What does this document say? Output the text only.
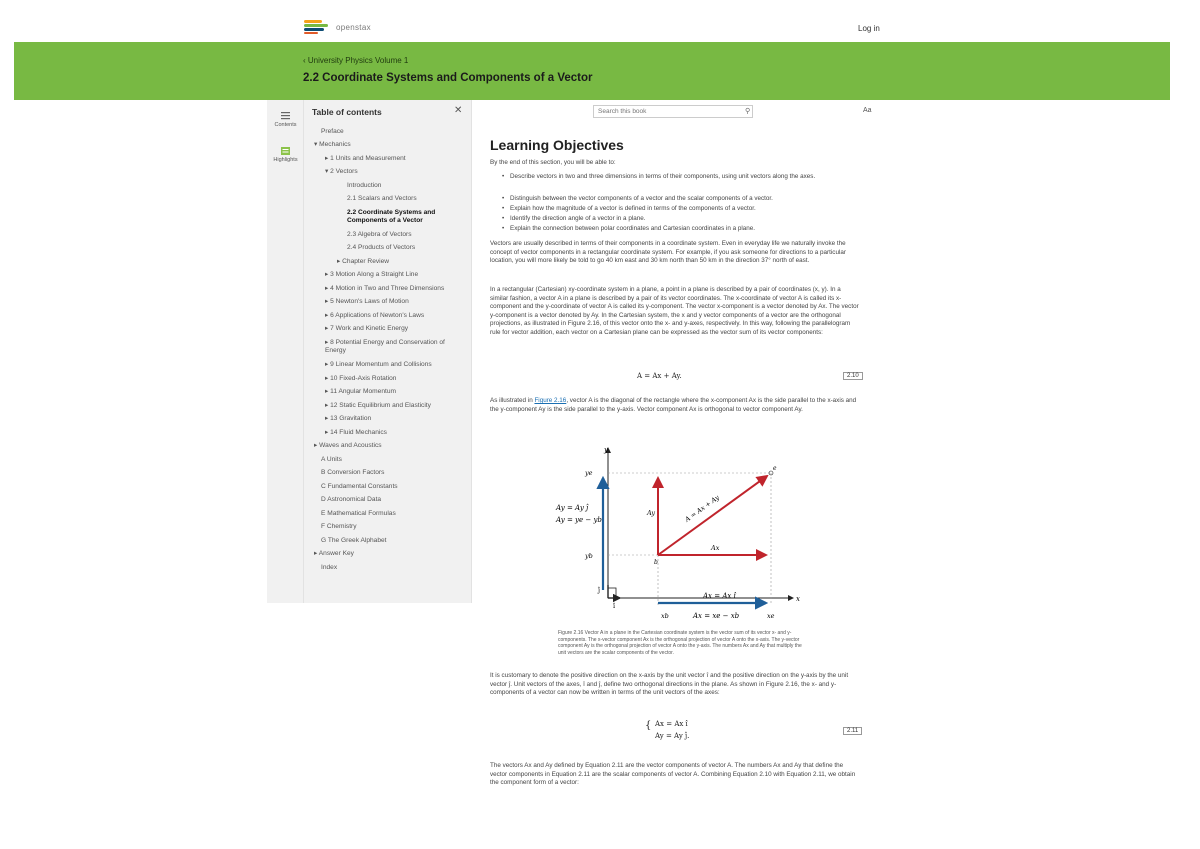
openstax	Log in
‹ University Physics Volume 1
2.2 Coordinate Systems and Components of a Vector
Contents
Highlights
Table of contents	✕
Preface
▾ Mechanics
▸ 1 Units and Measurement
▾ 2 Vectors
Introduction
2.1 Scalars and Vectors
2.2 Coordinate Systems and Components of a Vector
2.3 Algebra of Vectors
2.4 Products of Vectors
▸ Chapter Review
▸ 3 Motion Along a Straight Line
▸ 4 Motion in Two and Three Dimensions
▸ 5 Newton's Laws of Motion
▸ 6 Applications of Newton's Laws
▸ 7 Work and Kinetic Energy
▸ 8 Potential Energy and Conservation of Energy
▸ 9 Linear Momentum and Collisions
▸ 10 Fixed-Axis Rotation
▸ 11 Angular Momentum
▸ 12 Static Equilibrium and Elasticity
▸ 13 Gravitation
▸ 14 Fluid Mechanics
▸ Waves and Acoustics
A Units
B Conversion Factors
C Fundamental Constants
D Astronomical Data
E Mathematical Formulas
F Chemistry
G The Greek Alphabet
▸ Answer Key
Index
Search this book
⚲	Aa
Learning Objectives
By the end of this section, you will be able to:
• Describe vectors in two and three dimensions in terms of their components, using unit vectors along the axes.
• Distinguish between the vector components of a vector and the scalar components of a vector.
• Explain how the magnitude of a vector is defined in terms of the components of a vector.
• Identify the direction angle of a vector in a plane.
• Explain the connection between polar coordinates and Cartesian coordinates in a plane.
Vectors are usually described in terms of their components in a coordinate system. Even in everyday life we naturally invoke the concept of vector components in a rectangular coordinate system. For example, if you ask someone for directions to a particular location, you will more likely be told to go 40 km east and 30 km north than 50 km in the direction 37° north of east.
In a rectangular (Cartesian) xy-coordinate system in a plane, a point in a plane is described by a pair of coordinates (x, y). In a similar fashion, a vector A in a plane is described by a pair of its vector coordinates. The x-coordinate of vector A is called its x-component and the y-coordinate of vector A is called its y-component. The vector x-component is a vector denoted by Ax. The vector y-component is a vector denoted by Ay. In the Cartesian system, the x and y vector components of a vector are the orthogonal projections, as illustrated in Figure 2.16, of this vector onto the x- and y-axes, respectively. In this way, following the parallelogram rule for vector addition, each vector on a Cartesian plane can be expressed as the vector sum of its vector components:
A = Ax + Ay.	2.10
As illustrated in Figure 2.16, vector A is the diagonal of the rectangle where the x-component Ax is the side parallel to the x-axis and the y-component Ay is the side parallel to the y-axis. Vector component Ax is orthogonal to vector component Ay.
y
x
ye
yb
xb	xe
b
e
î
ĵ
Ay = Ay ĵ
Ay = ye − yb
Ax = Ax î
Ax = xe − xb
A = Ax + Ay
Ay
Ax
Figure 2.16 Vector A in a plane in the Cartesian coordinate system is the vector sum of its vector x- and y-components. The x-vector component Ax is the orthogonal projection of vector A onto the x-axis. The y-vector component Ay is the orthogonal projection of vector A onto the y-axis. The numbers Ax and Ay that multiply the unit vectors are the scalar components of the vector.
It is customary to denote the positive direction on the x-axis by the unit vector î and the positive direction on the y-axis by the unit vector ĵ. Unit vectors of the axes, î and ĵ, define two orthogonal directions in the plane. As shown in Figure 2.16, the x- and y- components of a vector can now be written in terms of the unit vectors of the axes:
{ Ax = Ax î
Ay = Ay ĵ.
2.11
The vectors Ax and Ay defined by Equation 2.11 are the vector components of vector A. The numbers Ax and Ay that define the vector components in Equation 2.11 are the scalar components of vector A. Combining Equation 2.10 with Equation 2.11, we obtain the component form of a vector:
